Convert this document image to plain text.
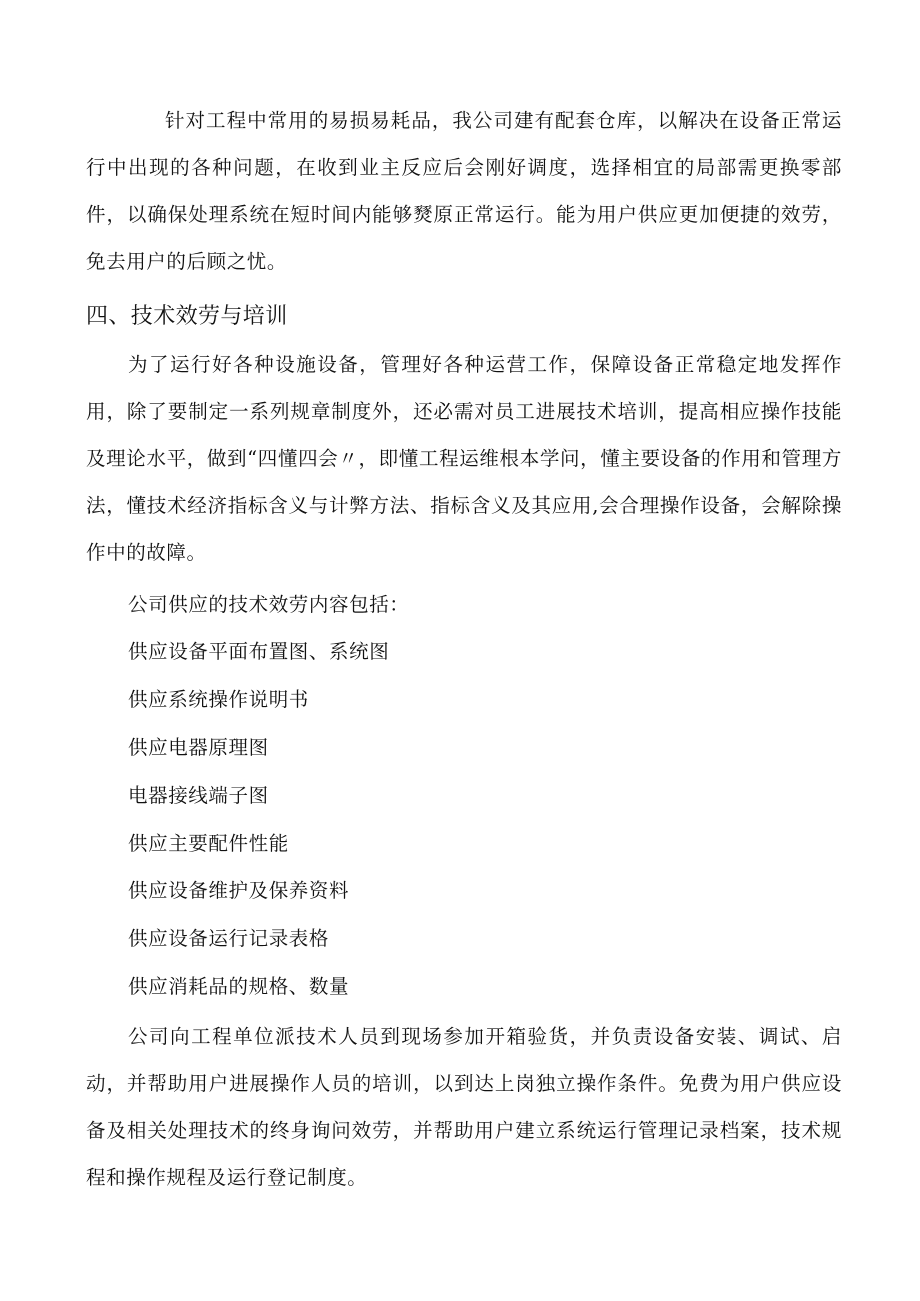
针对工程中常用的易损易耗品，我公司建有配套仓库，以解决在设备正常运行中出现的各种问题，在收到业主反应后会刚好调度，选择相宜的局部需更换零部件，以确保处理系统在短时间内能够燹原正常运行。能为用户供应更加便捷的效劳，免去用户的后顾之忧。

四、技术效劳与培训

为了运行好各种设施设备，管理好各种运营工作，保障设备正常稳定地发挥作用，除了要制定一系列规章制度外，还必需对员工进展技术培训，提高相应操作技能及理论水平，做到“四懂四会〃，即懂工程运维根本学问，懂主要设备的作用和管理方法，懂技术经济指标含义与计弊方法、指标含义及其应用,会合理操作设备，会解除操作中的故障。

公司供应的技术效劳内容包括：

供应设备平面布置图、系统图

供应系统操作说明书

供应电器原理图

电器接线端子图

供应主要配件性能

供应设备维护及保养资料

供应设备运行记录表格

供应消耗品的规格、数量

公司向工程单位派技术人员到现场参加开箱验货，并负责设备安装、调试、启动，并帮助用户进展操作人员的培训，以到达上岗独立操作条件。免费为用户供应设备及相关处理技术的终身询问效劳，并帮助用户建立系统运行管理记录档案，技术规程和操作规程及运行登记制度。
